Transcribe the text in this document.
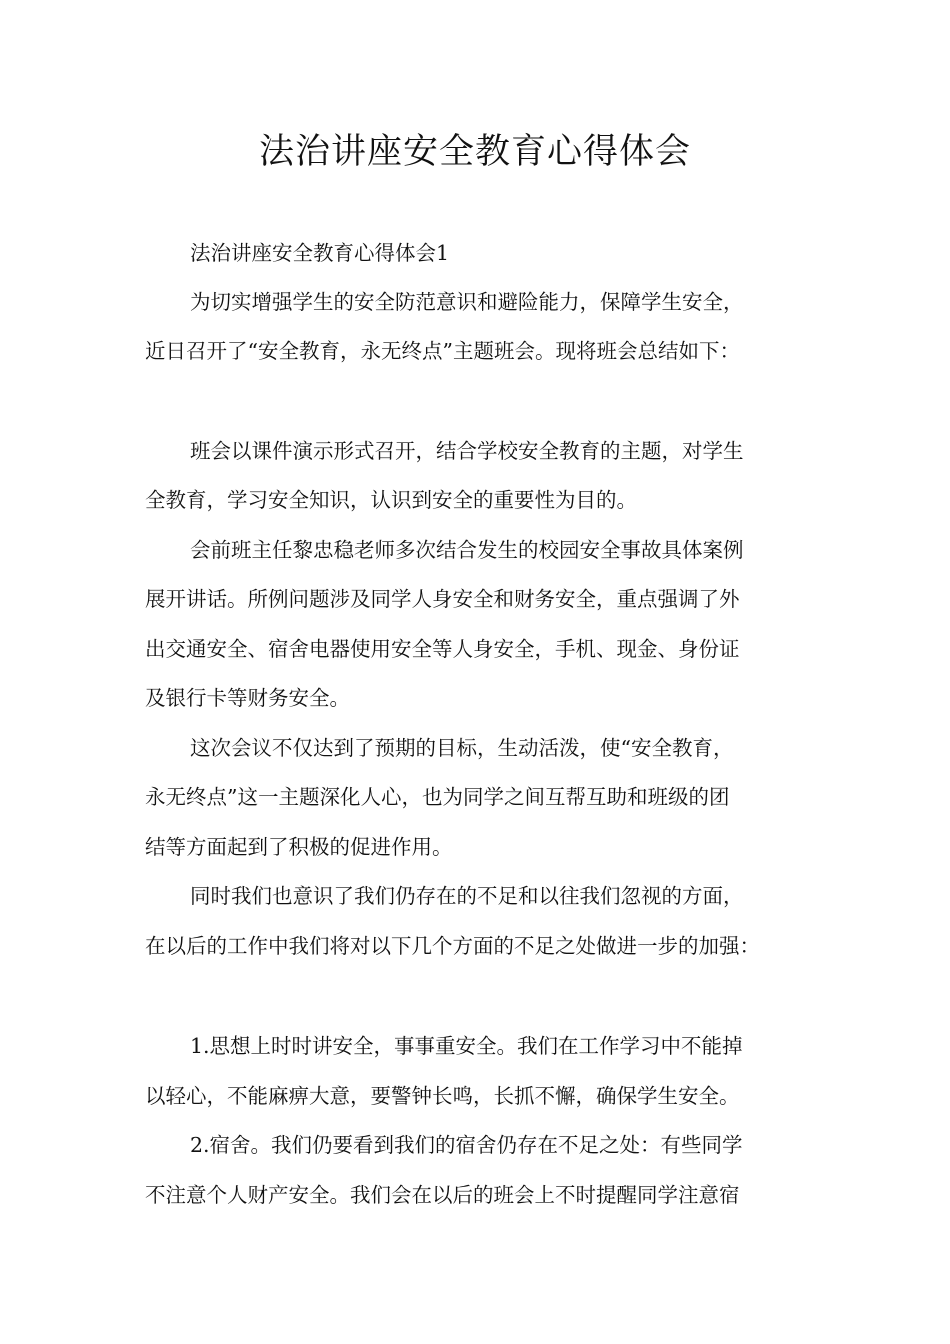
法治讲座安全教育心得体会

法治讲座安全教育心得体会1

为切实增强学生的安全防范意识和避险能力，保障学生安全，

近日召开了“安全教育，永无终点”主题班会。现将班会总结如下：

班会以课件演示形式召开，结合学校安全教育的主题，对学生

全教育，学习安全知识，认识到安全的重要性为目的。

会前班主任黎忠稳老师多次结合发生的校园安全事故具体案例

展开讲话。所例问题涉及同学人身安全和财务安全，重点强调了外

出交通安全、宿舍电器使用安全等人身安全，手机、现金、身份证

及银行卡等财务安全。

这次会议不仅达到了预期的目标，生动活泼，使“安全教育，

永无终点”这一主题深化人心，也为同学之间互帮互助和班级的团

结等方面起到了积极的促进作用。

同时我们也意识了我们仍存在的不足和以往我们忽视的方面，

在以后的工作中我们将对以下几个方面的不足之处做进一步的加强：

1.思想上时时讲安全，事事重安全。我们在工作学习中不能掉

以轻心，不能麻痹大意，要警钟长鸣，长抓不懈，确保学生安全。

2.宿舍。我们仍要看到我们的宿舍仍存在不足之处：有些同学

不注意个人财产安全。我们会在以后的班会上不时提醒同学注意宿
